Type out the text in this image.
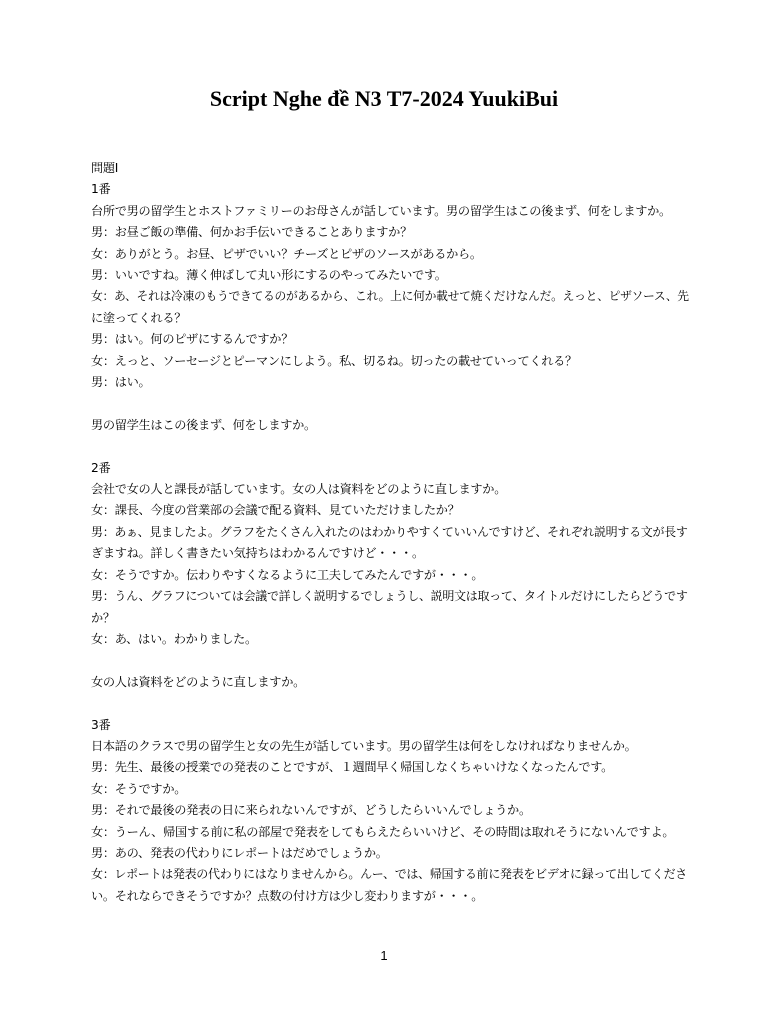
Script Nghe đề N3 T7-2024 YuukiBui
問題Ⅰ
1番
台所で男の留学生とホストファミリーのお母さんが話しています。男の留学生はこの後まず、何をしますか。
男：お昼ご飯の準備、何かお手伝いできることありますか？
女：ありがとう。お昼、ピザでいい？チーズとピザのソースがあるから。
男：いいですね。薄く伸ばして丸い形にするのやってみたいです。
女：あ、それは冷凍のもうできてるのがあるから、これ。上に何か載せて焼くだけなんだ。えっと、ピザソース、先
に塗ってくれる？
男：はい。何のピザにするんですか？
女：えっと、ソーセージとピーマンにしよう。私、切るね。切ったの載せていってくれる？
男：はい。
男の留学生はこの後まず、何をしますか。
2番
会社で女の人と課長が話しています。女の人は資料をどのように直しますか。
女：課長、今度の営業部の会議で配る資料、見ていただけましたか？
男：あぁ、見ましたよ。グラフをたくさん入れたのはわかりやすくていいんですけど、それぞれ説明する文が長す
ぎますね。詳しく書きたい気持ちはわかるんですけど・・・。
女：そうですか。伝わりやすくなるように工夫してみたんですが・・・。
男：うん、グラフについては会議で詳しく説明するでしょうし、説明文は取って、タイトルだけにしたらどうです
か？
女：あ、はい。わかりました。
女の人は資料をどのように直しますか。
3番
日本語のクラスで男の留学生と女の先生が話しています。男の留学生は何をしなければなりませんか。
男：先生、最後の授業での発表のことですが、１週間早く帰国しなくちゃいけなくなったんです。
女：そうですか。
男：それで最後の発表の日に来られないんですが、どうしたらいいんでしょうか。
女：うーん、帰国する前に私の部屋で発表をしてもらえたらいいけど、その時間は取れそうにないんですよ。
男：あの、発表の代わりにレポートはだめでしょうか。
女：レポートは発表の代わりにはなりませんから。んー、では、帰国する前に発表をビデオに録って出してくださ
い。それならできそうですか？点数の付け方は少し変わりますが・・・。
1
